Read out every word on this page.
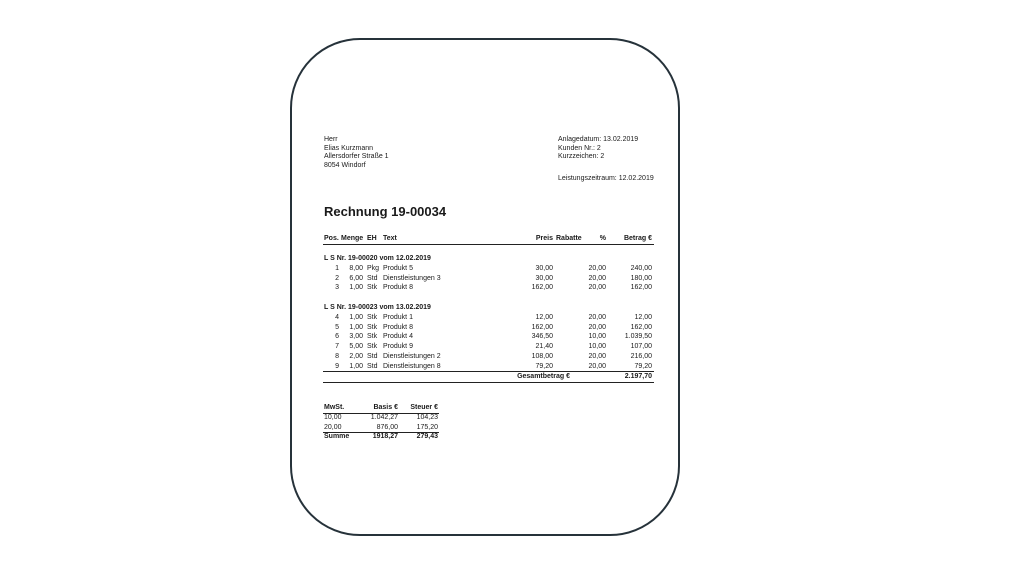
Herr
Elias Kurzmann
Allersdorfer Straße 1
8054 Windorf
Anlagedatum: 13.02.2019
Kunden Nr.: 2
Kurzzeichen: 2
Leistungszeitraum: 12.02.2019
Rechnung 19-00034
Pos. Menge EH Text	Preis Rabatte	%	Betrag €
L S Nr. 19-00020 vom 12.02.2019
1	8,00 Pkg Produkt 5	30,00	20,00	240,00
2	6,00 Std Dienstleistungen 3	30,00	20,00	180,00
3	1,00 Stk Produkt 8	162,00	20,00	162,00
L S Nr. 19-00023 vom 13.02.2019
4	1,00 Stk Produkt 1	12,00	20,00	12,00
5	1,00 Stk Produkt 8	162,00	20,00	162,00
6	3,00 Stk Produkt 4	346,50	10,00	1.039,50
7	5,00 Stk Produkt 9	21,40	10,00	107,00
8	2,00 Std Dienstleistungen 2	108,00	20,00	216,00
9	1,00 Std Dienstleistungen 8	79,20	20,00	79,20
Gesamtbetrag €	2.197,70
MwSt.	Basis €	Steuer €
10,00	1.042,27	104,23
20,00	876,00	175,20
Summe	1918,27	279,43
